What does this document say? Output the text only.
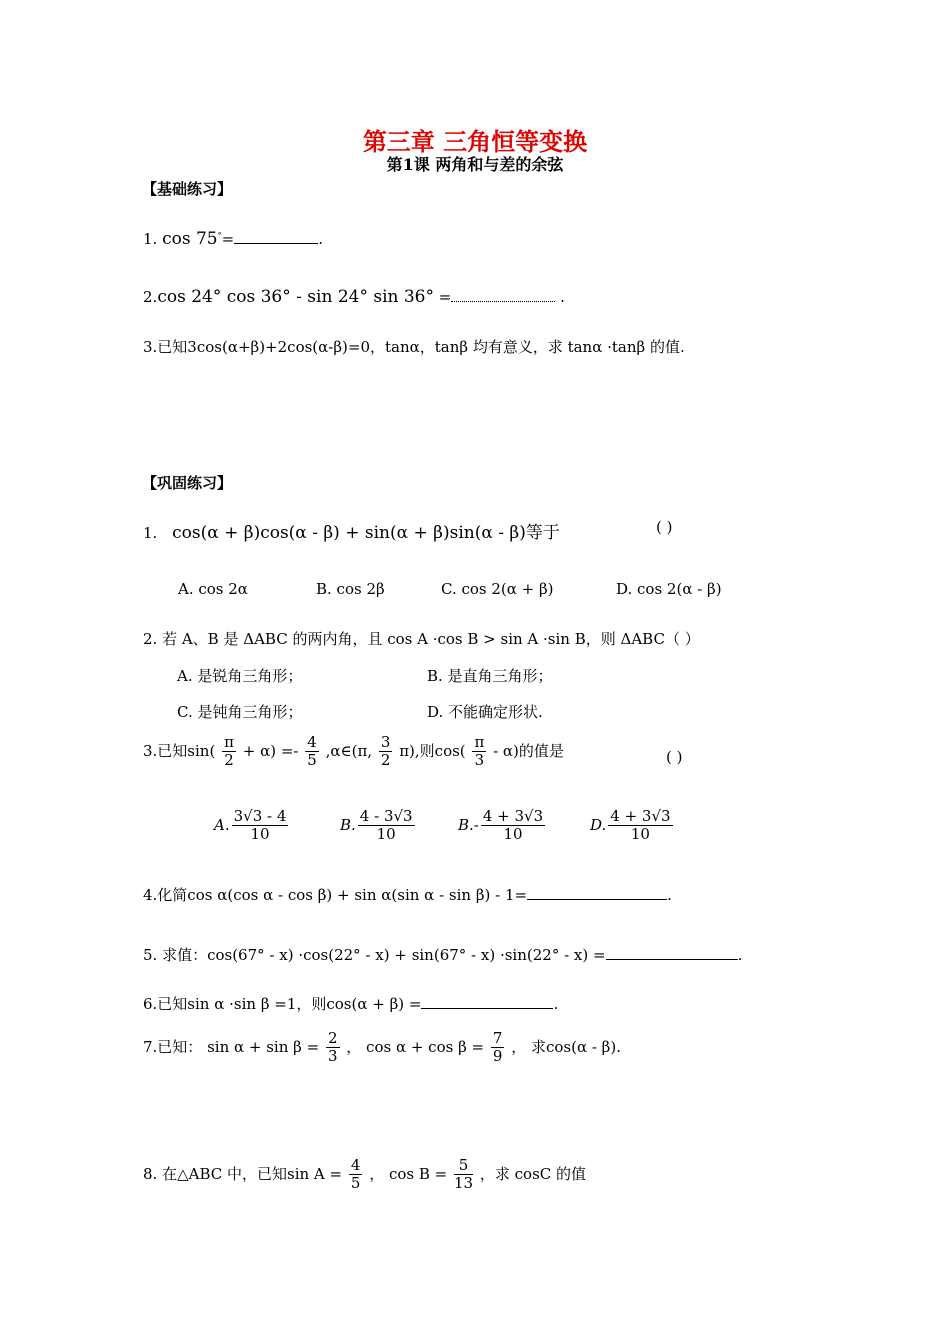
第三章 三角恒等变换
第1课 两角和与差的余弦
【基础练习】
1. cos 75°=	.
2.cos 24° cos 36° - sin 24° sin 36° =	.
3.已知3cos(α+β)+2cos(α-β)=0，tanα，tanβ 均有意义，求 tanα ·tanβ 的值.
【巩固练习】
1. cos(α + β)cos(α - β) + sin(α + β)sin(α - β)等于	( )
A. cos 2α	B. cos 2β	C. cos 2(α + β)	D. cos 2(α - β)
2. 若 A、B 是 ΔABC 的两内角，且 cos A ·cos B > sin A ·sin B，则 ΔABC（ ）
A. 是锐角三角形；	B. 是直角三角形；
C. 是钝角三角形；	D. 不能确定形状.
3.已知$\sin( \frac{\pi}{2} + \alpha) =- \frac{4}{5}$ ,α∈(π, $\frac{3}{2} \pi$),则$\cos( \frac{\pi}{3} - \alpha)$的值是	( )
A. $\frac{3√3 - 4}{10}$	B. $\frac{4 - 3√3}{10}$	$B.- \frac{4 + 3√3}{10}$	D. $\frac{4 + 3√3}{10}$
4.化简cos α(cos α - cos β) + sin α(sin α - sin β) - 1=	.
5. 求值：cos(67° - x) ·cos(22° - x) + sin(67° - x) ·sin(22° - x) =	.
6.已知sin α ·sin β =1，则cos(α + β) =	.
7.已知： $\sin \alpha + \sin \beta = \frac{2}{3}$ ， $\cos \alpha + \cos \beta = \frac{7}{9}$ ， 求cos(α - β).
8. 在△ABC 中，已知$\sin A = \frac{4}{5}$ ， $\cos B = \frac{5}{13}$ ，求 cosC 的值
